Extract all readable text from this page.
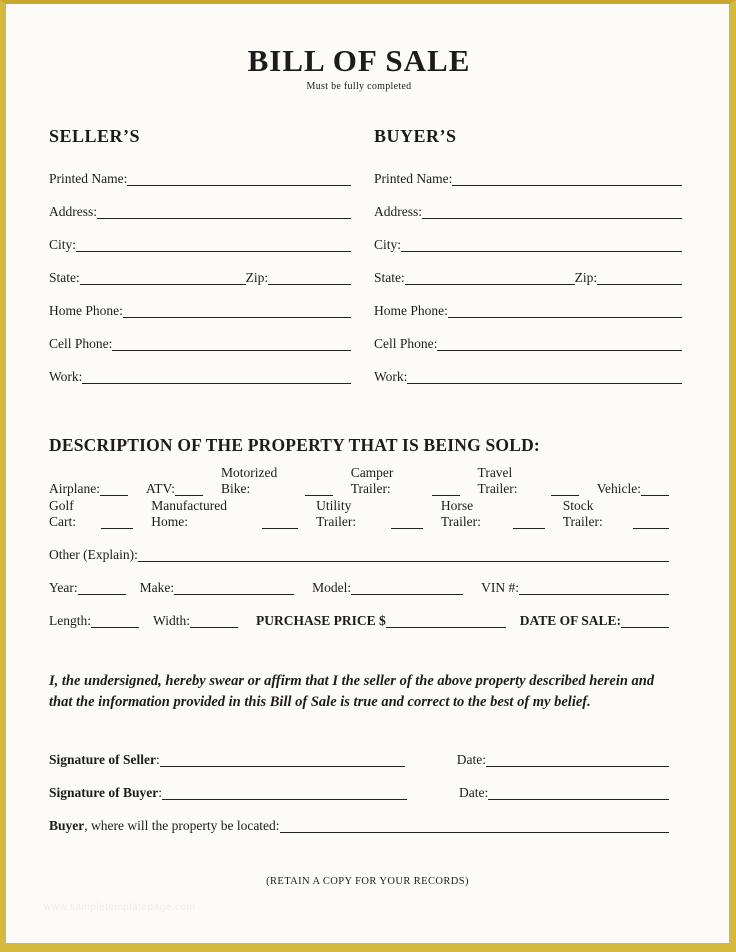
BILL OF SALE
Must be fully completed
SELLER’S
Printed Name:
Address:
City:
State:	Zip:
Home Phone:
Cell Phone:
Work:
BUYER’S
Printed Name:
Address:
City:
State:	Zip:
Home Phone:
Cell Phone:
Work:
DESCRIPTION OF THE PROPERTY THAT IS BEING SOLD:
Airplane:	ATV:
Motorized Bike:
Camper Trailer:
Travel Trailer:	Vehicle:
Golf Cart:
Manufactured Home:
Utility Trailer:
Horse Trailer:
Stock Trailer:
Other (Explain):
Year:	Make:	Model:	VIN #:
Length:	Width:	PURCHASE PRICE $	DATE OF SALE:

I, the undersigned, hereby swear or affirm that I the seller of the above property described herein and that the information provided in this Bill of Sale is true and correct to the best of my belief.

Signature of Seller :	Date:
Signature of Buyer :	Date:
Buyer , where will the property be located:
(RETAIN A COPY FOR YOUR RECORDS)
www.sampletemplatepage.com
